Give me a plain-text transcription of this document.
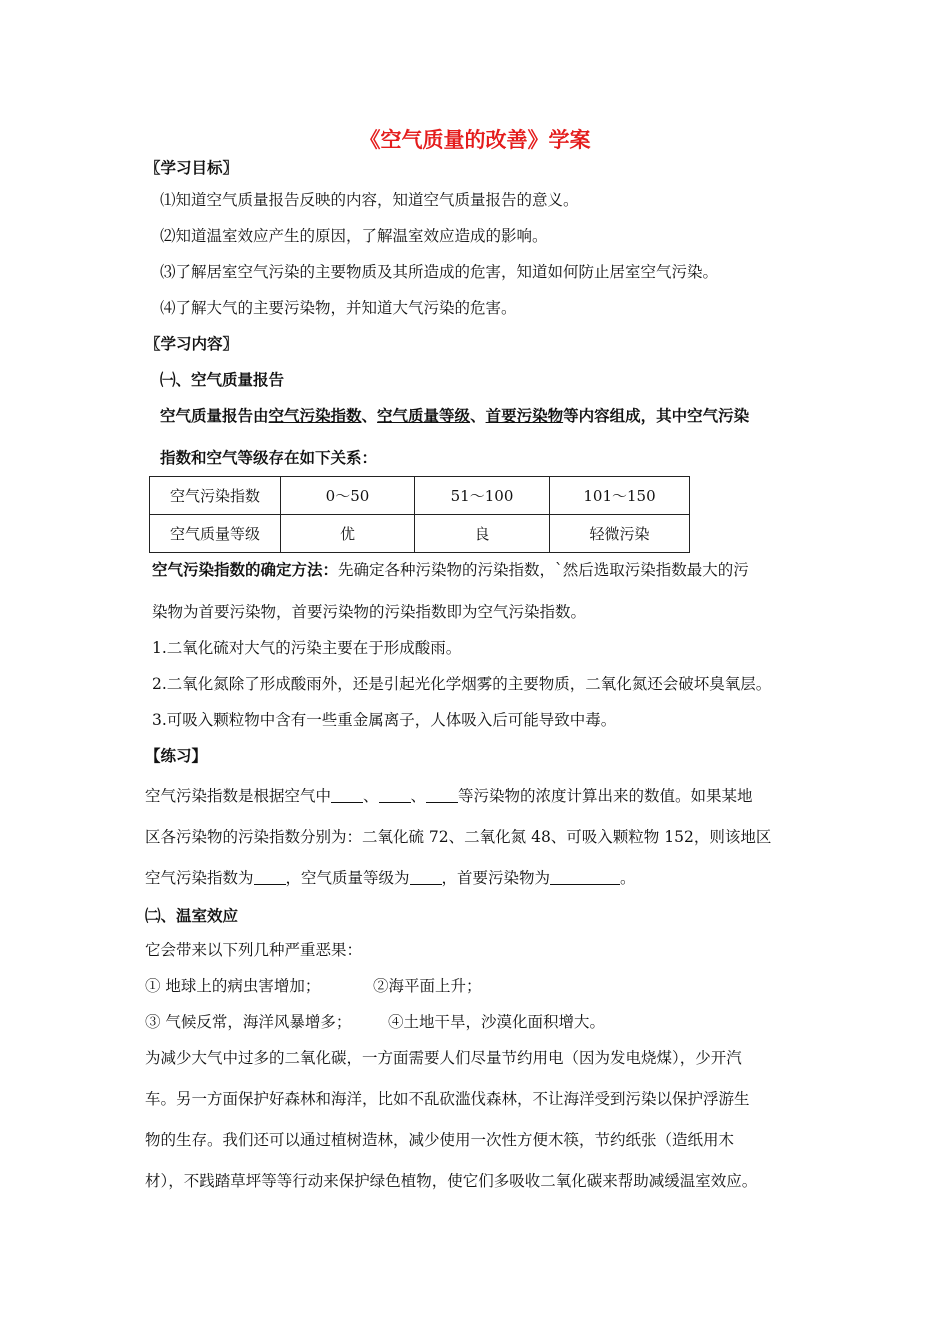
《空气质量的改善》学案
〖学习目标〗
⑴知道空气质量报告反映的内容，知道空气质量报告的意义。
⑵知道温室效应产生的原因，了解温室效应造成的影响。
⑶了解居室空气污染的主要物质及其所造成的危害，知道如何防止居室空气污染。
⑷了解大气的主要污染物，并知道大气污染的危害。
〖学习内容〗
㈠、空气质量报告
空气质量报告由空气污染指数、空气质量等级、首要污染物等内容组成，其中空气污染
指数和空气等级存在如下关系：
空气污染指数	0～50	51～100	101～150
空气质量等级	优	良	轻微污染
空气污染指数的确定方法：先确定各种污染物的污染指数，`然后选取污染指数最大的污
染物为首要污染物，首要污染物的污染指数即为空气污染指数。
1.二氧化硫对大气的污染主要在于形成酸雨。
2.二氧化氮除了形成酸雨外，还是引起光化学烟雾的主要物质，二氧化氮还会破坏臭氧层。
3.可吸入颗粒物中含有一些重金属离子，人体吸入后可能导致中毒。
【练习】
空气污染指数是根据空气中 、 、 等污染物的浓度计算出来的数值。如果某地
区各污染物的污染指数分别为：二氧化硫 72、二氧化氮 48、可吸入颗粒物 152，则该地区
空气污染指数为 ，空气质量等级为 ，首要污染物为	。
㈡、温室效应
它会带来以下列几种严重恶果：
① 地球上的病虫害增加；	②海平面上升；
③ 气候反常，海洋风暴增多； ④土地干旱，沙漠化面积增大。
为减少大气中过多的二氧化碳，一方面需要人们尽量节约用电（因为发电烧煤），少开汽
车。另一方面保护好森林和海洋，比如不乱砍滥伐森林，不让海洋受到污染以保护浮游生
物的生存。我们还可以通过植树造林，减少使用一次性方便木筷，节约纸张（造纸用木
材），不践踏草坪等等行动来保护绿色植物，使它们多吸收二氧化碳来帮助减缓温室效应。
